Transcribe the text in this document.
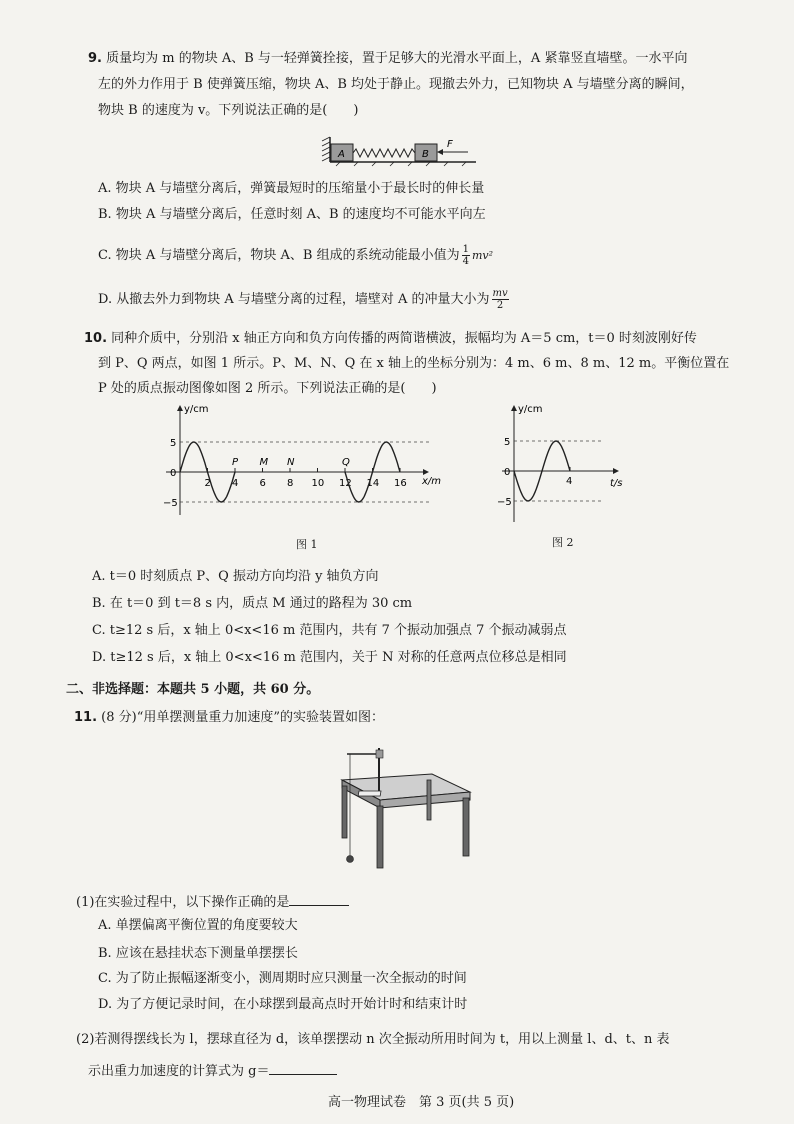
9. 质量均为 m 的物块 A、B 与一轻弹簧拴接，置于足够大的光滑水平面上，A 紧靠竖直墙壁。一水平向
左的外力作用于 B 使弹簧压缩，物块 A、B 均处于静止。现撤去外力，已知物块 A 与墙壁分离的瞬间，
物块 B 的速度为 v。下列说法正确的是(　　)
A	B
F
A. 物块 A 与墙壁分离后，弹簧最短时的压缩量小于最长时的伸长量
B. 物块 A 与墙壁分离后，任意时刻 A、B 的速度均不可能水平向左
C. 物块 A 与墙壁分离后，物块 A、B 组成的系统动能最小值为 $\frac{1}{4} mv^2$
D. 从撤去外力到物块 A 与墙壁分离的过程，墙壁对 A 的冲量大小为 $\frac{mv}{2}$
10. 同种介质中，分别沿 x 轴正方向和负方向传播的两简谐横波，振幅均为 A＝5 cm，t＝0 时刻波刚好传
到 P、Q 两点，如图 1 所示。P、M、N、Q 在 x 轴上的坐标分别为：4 m、6 m、8 m、12 m。平衡位置在
P 处的质点振动图像如图 2 所示。下列说法正确的是(　　)
y/cm
x/m
5
0
−5
2 4 6 8 10 12 14 16
P M N	Q
图 1
y/cm
t/s
5
0
−5
4
图 2
A. t＝0 时刻质点 P、Q 振动方向均沿 y 轴负方向
B. 在 t＝0 到 t＝8 s 内，质点 M 通过的路程为 30 cm
C. t≥12 s 后，x 轴上 0<x<16 m 范围内，共有 7 个振动加强点 7 个振动减弱点
D. t≥12 s 后，x 轴上 0<x<16 m 范围内，关于 N 对称的任意两点位移总是相同
二、非选择题：本题共 5 小题，共 60 分。
11. (8 分)“用单摆测量重力加速度”的实验装置如图：
(1)在实验过程中，以下操作正确的是
A. 单摆偏离平衡位置的角度要较大
B. 应该在悬挂状态下测量单摆摆长
C. 为了防止振幅逐渐变小，测周期时应只测量一次全振动的时间
D. 为了方便记录时间，在小球摆到最高点时开始计时和结束计时
(2)若测得摆线长为 l，摆球直径为 d，该单摆摆动 n 次全振动所用时间为 t，用以上测量 l、d、t、n 表
示出重力加速度的计算式为 g＝
高一物理试卷　第 3 页(共 5 页)
